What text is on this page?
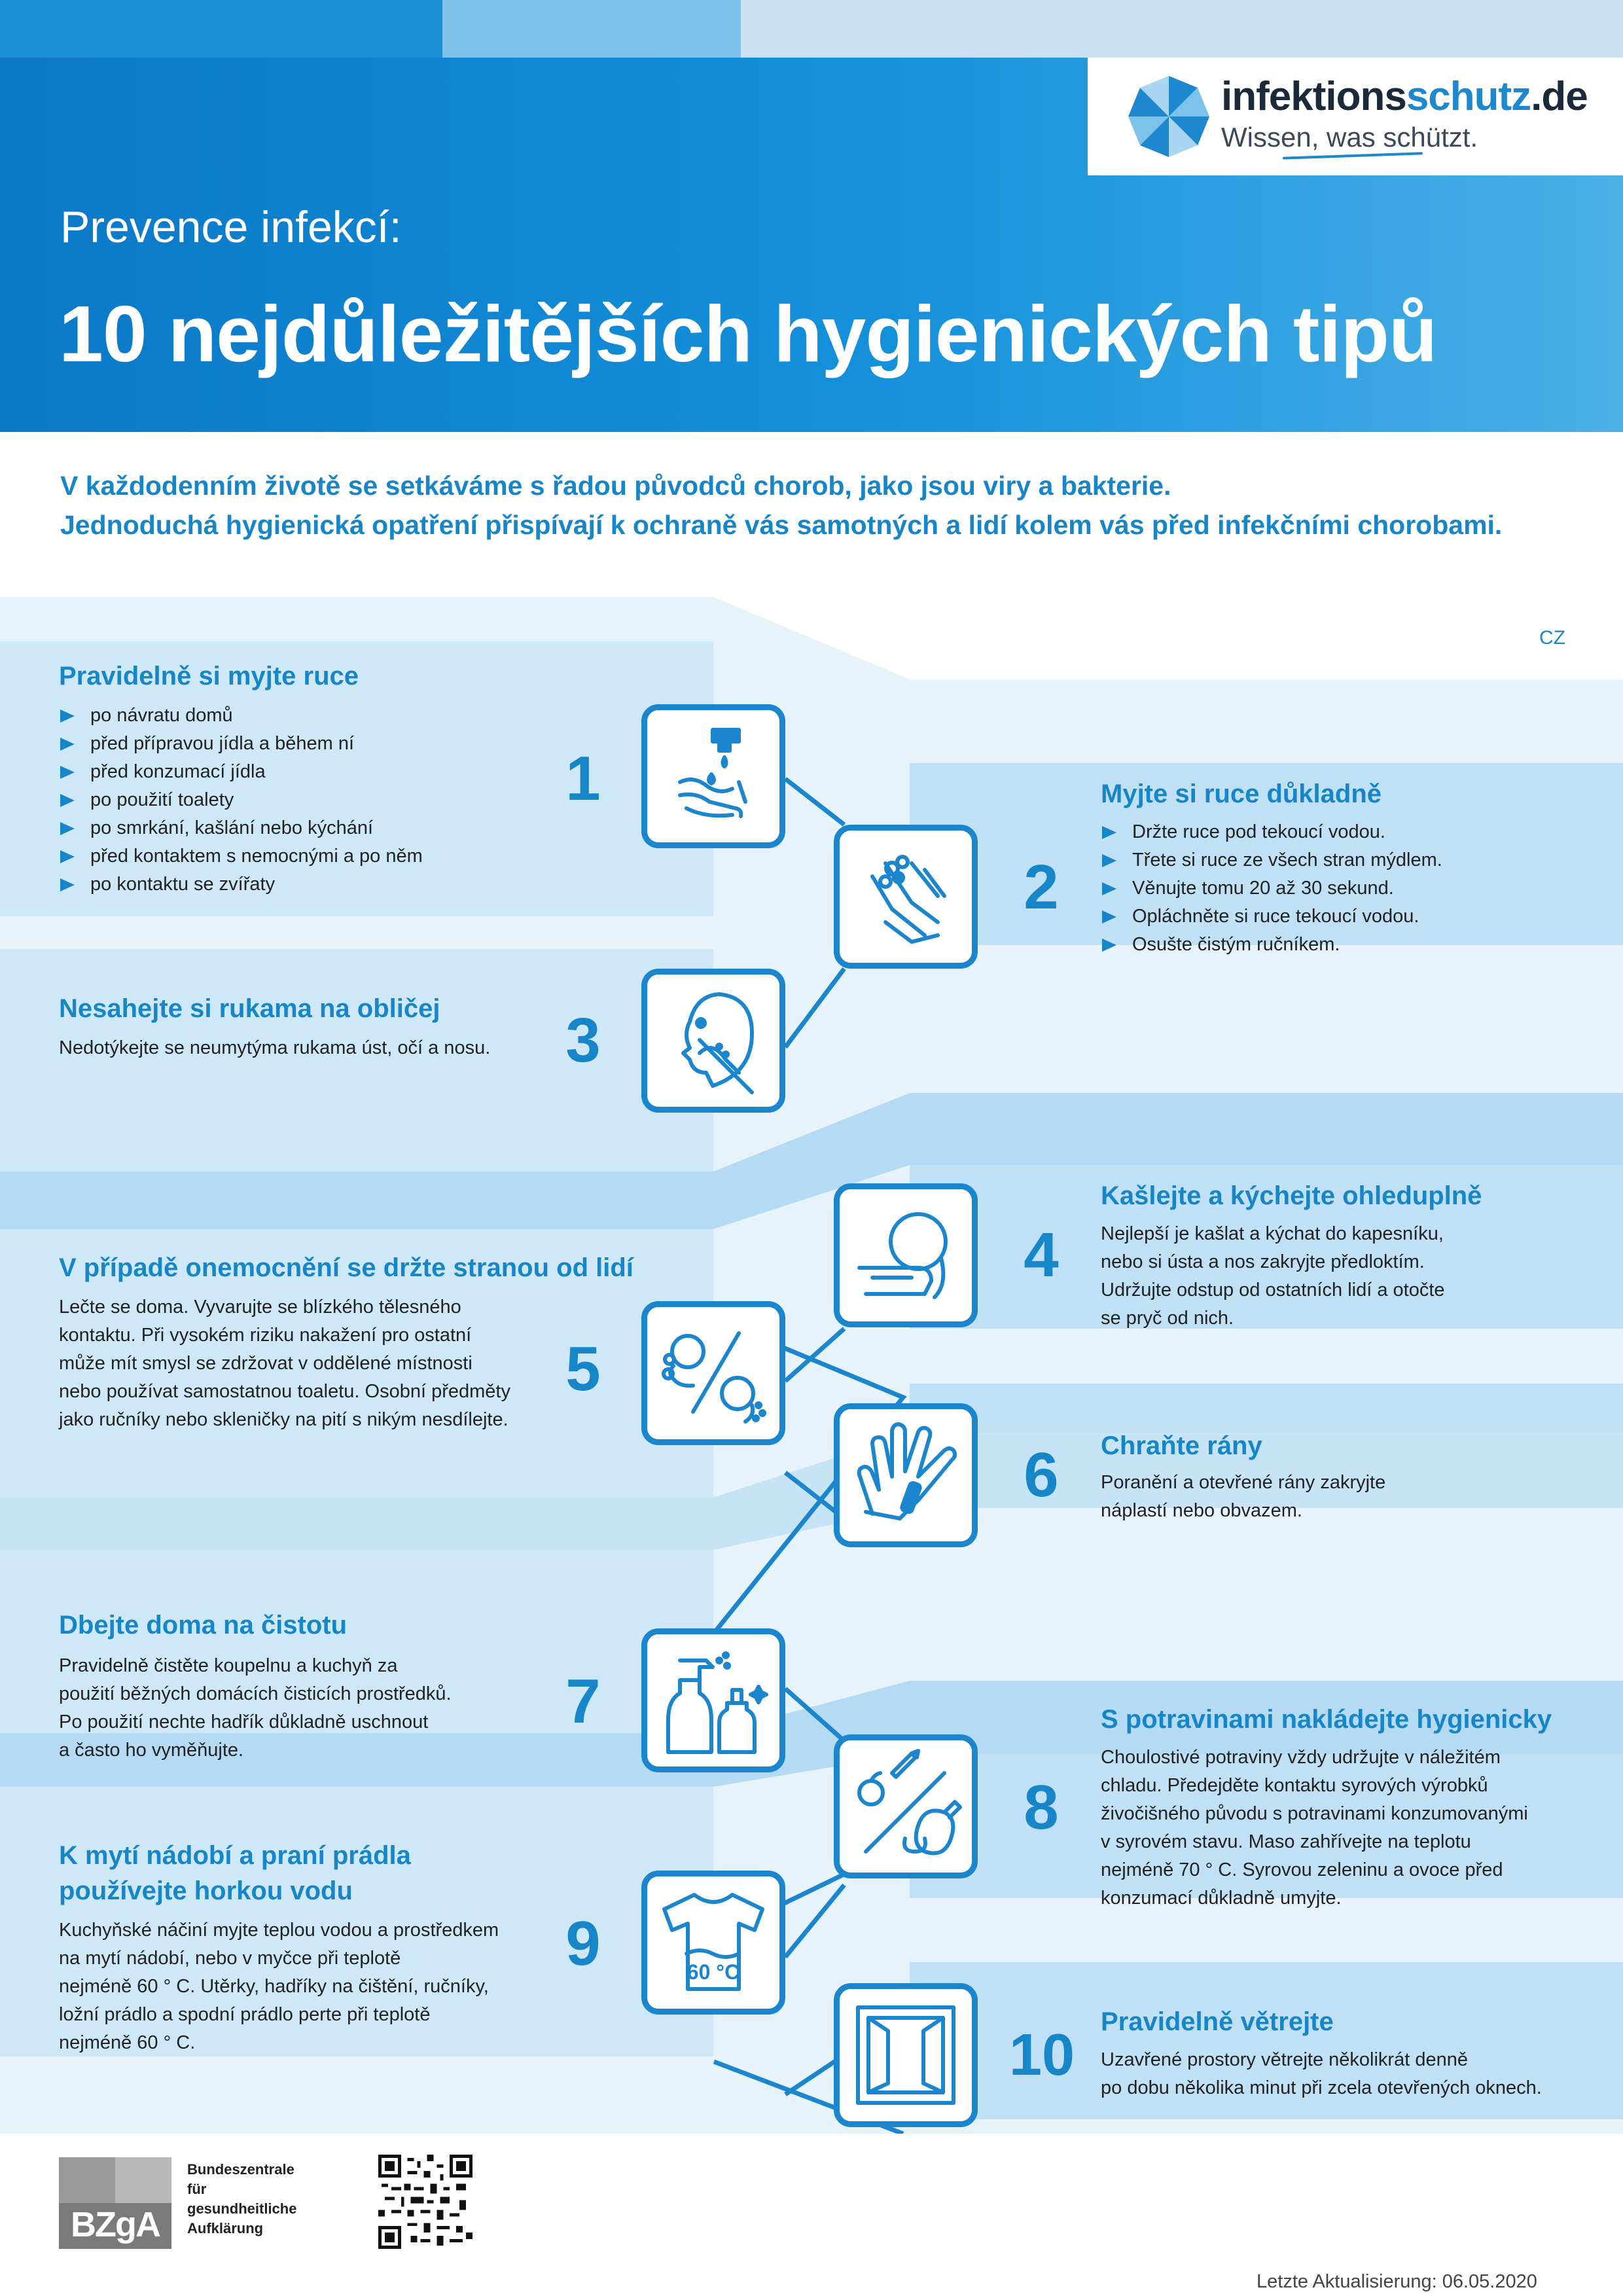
infektionsschutz.de
Wissen, was schützt.
Prevence infekcí:
10 nejdůležitějších hygienických tipů
V každodenním životě se setkáváme s řadou původců chorob, jako jsou viry a bakterie.
Jednoduchá hygienická opatření přispívají k ochraně vás samotných a lidí kolem vás před infekčními chorobami.
CZ
Pravidelně si myjte ruce
po návratu domů
před přípravou jídla a během ní
před konzumací jídla
po použití toalety
po smrkání, kašlání nebo kýchání
před kontaktem s nemocnými a po něm
po kontaktu se zvířaty
1
2
Myjte si ruce důkladně
Držte ruce pod tekoucí vodou.
Třete si ruce ze všech stran mýdlem.
Věnujte tomu 20 až 30 sekund.
Opláchněte si ruce tekoucí vodou.
Osušte čistým ručníkem.
Nesahejte si rukama na obličej
Nedotýkejte se neumytýma rukama úst, očí a nosu.	3
4
Kašlejte a kýchejte ohleduplně
Nejlepší je kašlat a kýchat do kapesníku,
nebo si ústa a nos zakryjte předloktím.
Udržujte odstup od ostatních lidí a otočte
se pryč od nich.
V případě onemocnění se držte stranou od lidí
Lečte se doma. Vyvarujte se blízkého tělesného
kontaktu. Při vysokém riziku nakažení pro ostatní
může mít smysl se zdržovat v oddělené místnosti
nebo používat samostatnou toaletu. Osobní předměty
jako ručníky nebo skleničky na pití s nikým nesdílejte.
5
6	Chraňte rány
Poranění a otevřené rány zakryjte
náplastí nebo obvazem.
Dbejte doma na čistotu
Pravidelně čistěte koupelnu a kuchyň za
použití běžných domácích čisticích prostředků.
Po použití nechte hadřík důkladně uschnout
a často ho vyměňujte.
7
8
S potravinami nakládejte hygienicky
Choulostivé potraviny vždy udržujte v náležitém
chladu. Předejděte kontaktu syrových výrobků
živočišného původu s potravinami konzumovanými
v syrovém stavu. Maso zahřívejte na teplotu
nejméně 70 ° C. Syrovou zeleninu a ovoce před
konzumací důkladně umyjte.
K mytí nádobí a praní prádla
používejte horkou vodu
Kuchyňské náčiní myjte teplou vodou a prostředkem
na mytí nádobí, nebo v myčce při teplotě
nejméně 60 ° C. Utěrky, hadříky na čištění, ručníky,
ložní prádlo a spodní prádlo perte při teplotě
nejméně 60 ° C.
9	60 °C
10
Pravidelně větrejte
Uzavřené prostory větrejte několikrát denně
po dobu několika minut při zcela otevřených oknech.
BZgA
Bundeszentrale
für
gesundheitliche
Aufklärung
Letzte Aktualisierung: 06.05.2020
